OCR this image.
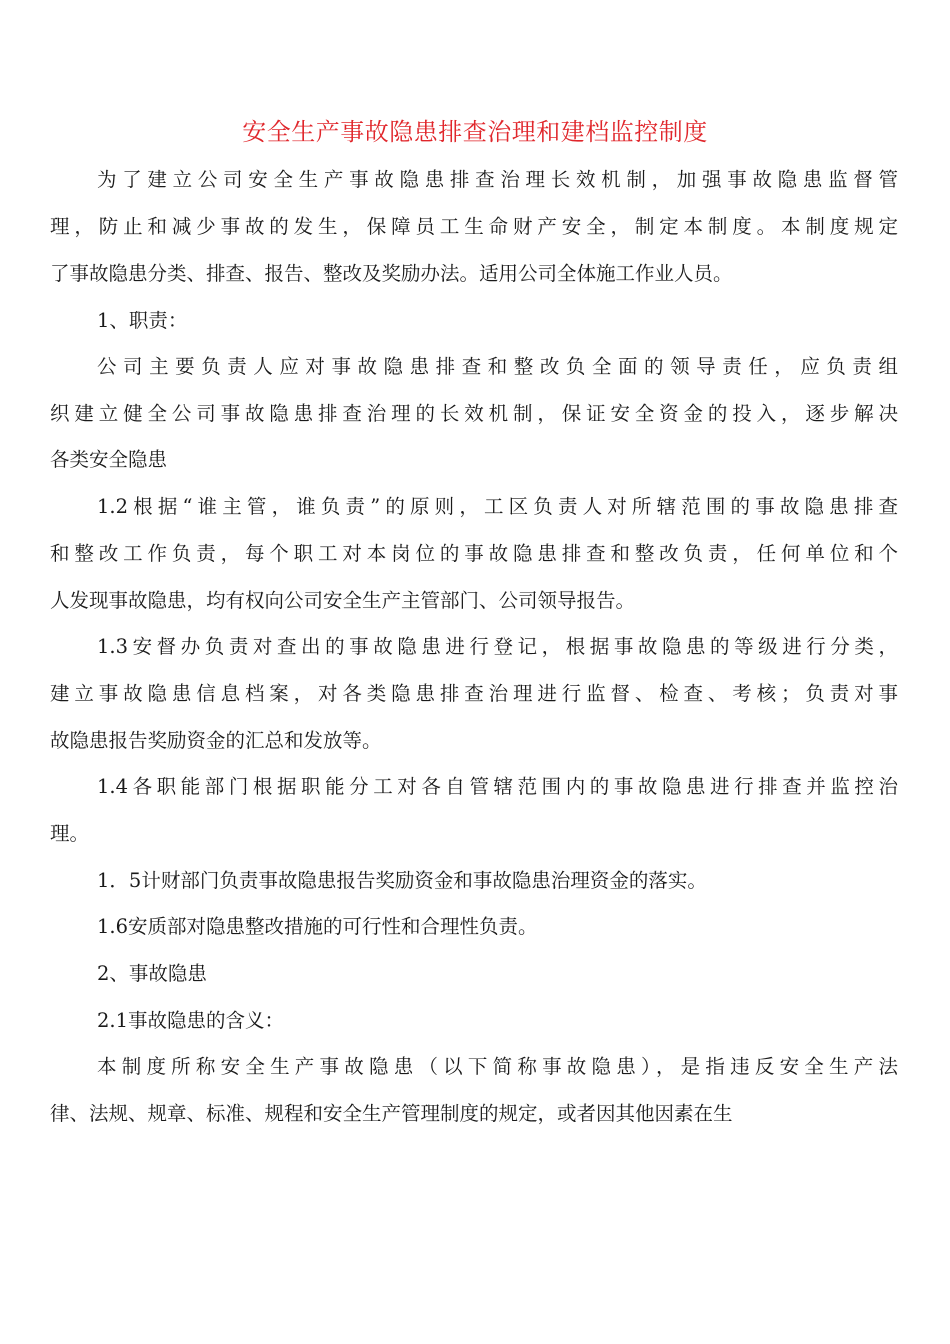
安全生产事故隐患排查治理和建档监控制度
为了建立公司安全生产事故隐患排查治理长效机制，加强事故隐患监督管
理，防止和减少事故的发生，保障员工生命财产安全，制定本制度。本制度规定
了事故隐患分类、排查、报告、整改及奖励办法。适用公司全体施工作业人员。
1、职责：
公司主要负责人应对事故隐患排查和整改负全面的领导责任，应负责组
织建立健全公司事故隐患排查治理的长效机制，保证安全资金的投入，逐步解决
各类安全隐患
1.2根据“谁主管，谁负责”的原则，工区负责人对所辖范围的事故隐患排查
和整改工作负责，每个职工对本岗位的事故隐患排查和整改负责，任何单位和个
人发现事故隐患，均有权向公司安全生产主管部门、公司领导报告。
1.3安督办负责对查出的事故隐患进行登记，根据事故隐患的等级进行分类，
建立事故隐患信息档案，对各类隐患排查治理进行监督、检查、考核；负责对事
故隐患报告奖励资金的汇总和发放等。
1.4各职能部门根据职能分工对各自管辖范围内的事故隐患进行排查并监控治
理。
1．5计财部门负责事故隐患报告奖励资金和事故隐患治理资金的落实。
1.6安质部对隐患整改措施的可行性和合理性负责。
2、事故隐患
2.1事故隐患的含义：
本制度所称安全生产事故隐患（以下简称事故隐患），是指违反安全生产法
律、法规、规章、标准、规程和安全生产管理制度的规定，或者因其他因素在生
